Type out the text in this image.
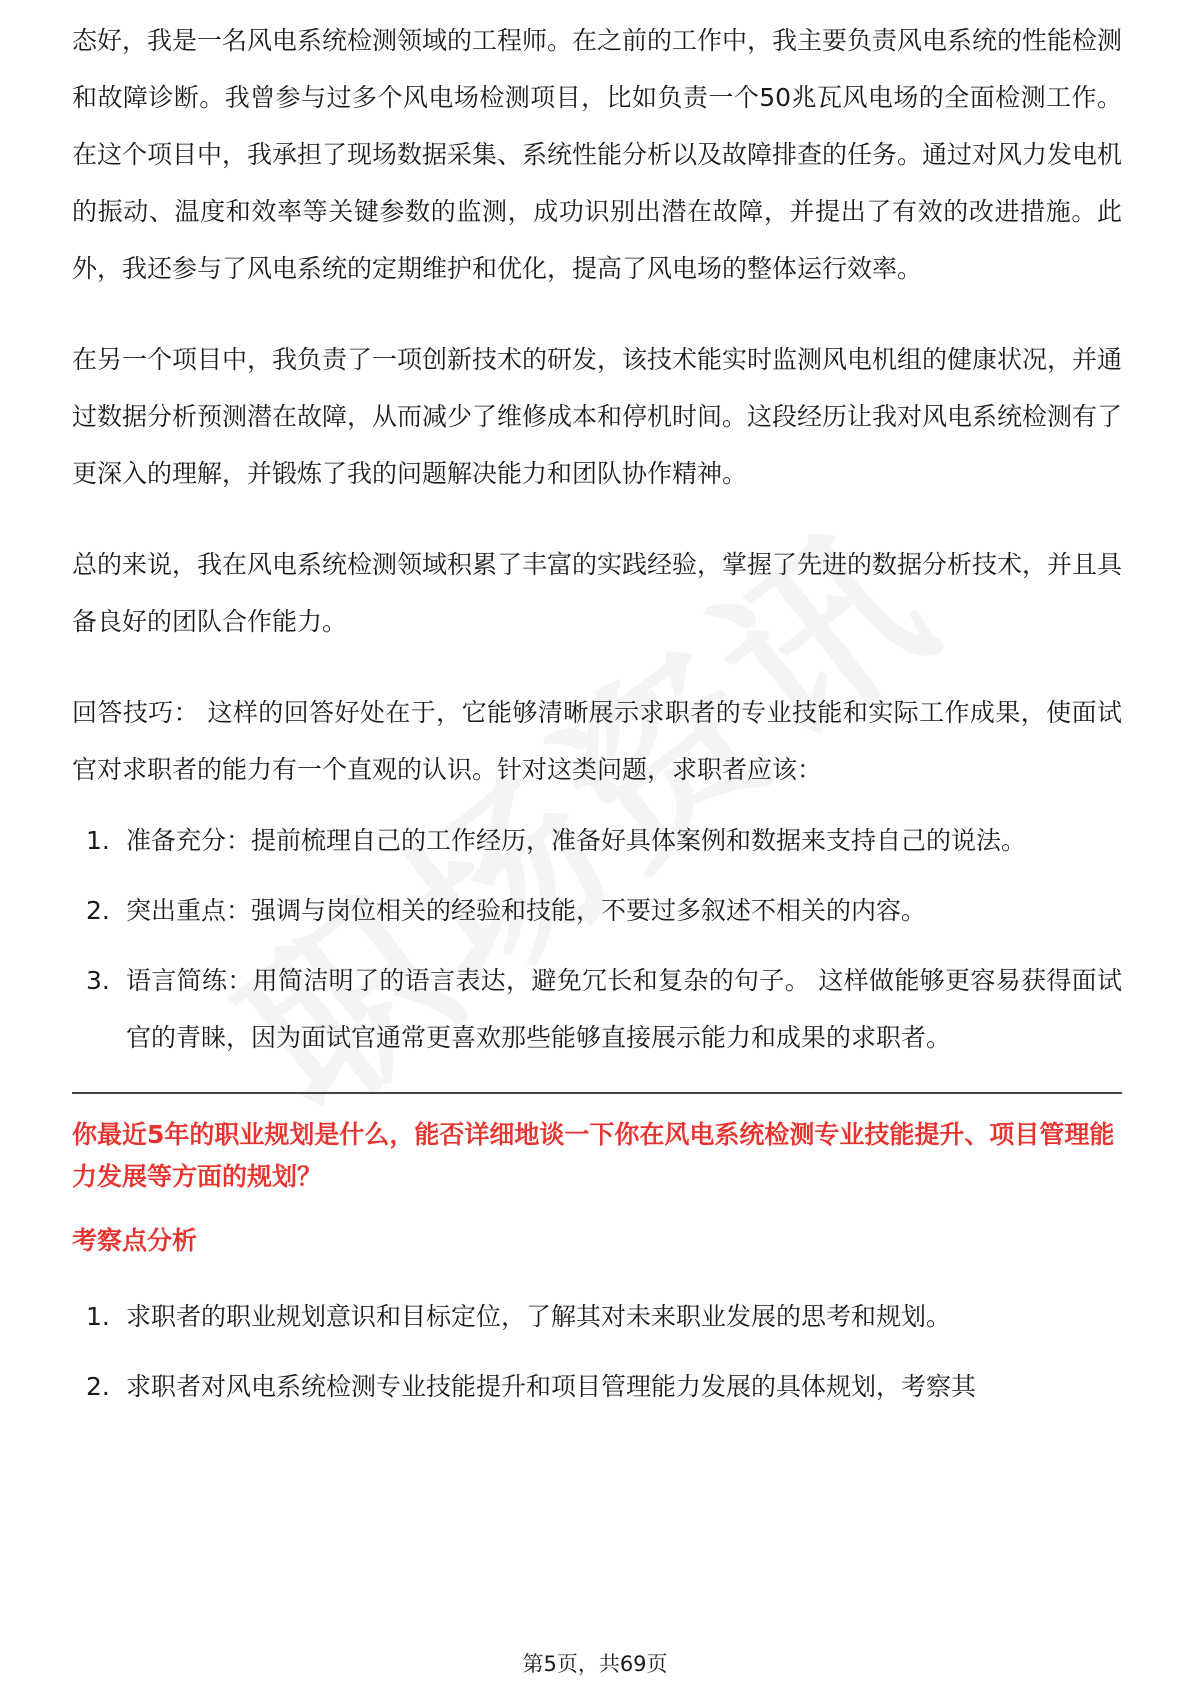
态好，我是一名风电系统检测领域的工程师。在之前的工作中，我主要负责风电系统的性能检测和故障诊断。我曾参与过多个风电场检测项目，比如负责一个50兆瓦风电场的全面检测工作。在这个项目中，我承担了现场数据采集、系统性能分析以及故障排查的任务。通过对风力发电机的振动、温度和效率等关键参数的监测，成功识别出潜在故障，并提出了有效的改进措施。此外，我还参与了风电系统的定期维护和优化，提高了风电场的整体运行效率。

在另一个项目中，我负责了一项创新技术的研发，该技术能实时监测风电机组的健康状况，并通过数据分析预测潜在故障，从而减少了维修成本和停机时间。这段经历让我对风电系统检测有了更深入的理解，并锻炼了我的问题解决能力和团队协作精神。

总的来说，我在风电系统检测领域积累了丰富的实践经验，掌握了先进的数据分析技术，并且具备良好的团队合作能力。

回答技巧： 这样的回答好处在于，它能够清晰展示求职者的专业技能和实际工作成果，使面试官对求职者的能力有一个直观的认识。针对这类问题，求职者应该：

1. 准备充分：提前梳理自己的工作经历，准备好具体案例和数据来支持自己的说法。
2. 突出重点：强调与岗位相关的经验和技能，不要过多叙述不相关的内容。
3. 语言简练：用简洁明了的语言表达，避免冗长和复杂的句子。 这样做能够更容易获得面试官的青睐，因为面试官通常更喜欢那些能够直接展示能力和成果的求职者。

你最近5年的职业规划是什么，能否详细地谈一下你在风电系统检测专业技能提升、项目管理能力发展等方面的规划？

考察点分析

1. 求职者的职业规划意识和目标定位，了解其对未来职业发展的思考和规划。
2. 求职者对风电系统检测专业技能提升和项目管理能力发展的具体规划，考察其
第5页，共69页
